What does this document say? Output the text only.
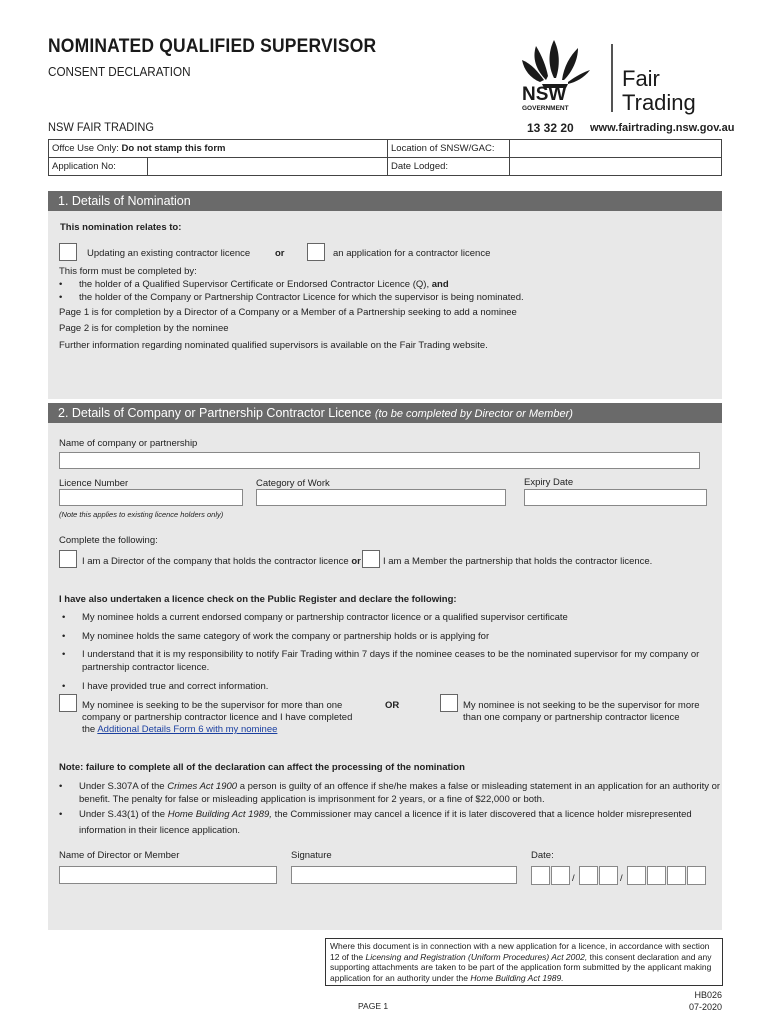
NOMINATED QUALIFIED SUPERVISOR
CONSENT DECLARATION
NSW FAIR TRADING
NSW
GOVERNMENT
Fair
Trading
13 32 20 www.fairtrading.nsw.gov.au
Offce Use Only: Do not stamp this form	Location of SNSW/GAC:	

Application No:	Date Lodged:	
1. Details of Nomination
This nomination relates to:
Updating an existing contractor licence	or	an application for a contractor licence
This form must be completed by:
• the holder of a Qualified Supervisor Certificate or Endorsed Contractor Licence (Q), and
• the holder of the Company or Partnership Contractor Licence for which the supervisor is being nominated.
Page 1 is for completion by a Director of a Company or a Member of a Partnership seeking to add a nominee
Page 2 is for completion by the nominee
Further information regarding nominated qualified supervisors is available on the Fair Trading website.
2. Details of Company or Partnership Contractor Licence (to be completed by Director or Member)
Name of company or partnership
Licence Number	Category of Work	Expiry Date
(Note this applies to existing licence holders only)
Complete the following:
I am a Director of the company that holds the contractor licence or I am a Member the partnership that holds the contractor licence.
I have also undertaken a licence check on the Public Register and declare the following:
• My nominee holds a current endorsed company or partnership contractor licence or a qualified supervisor certificate
• My nominee holds the same category of work the company or partnership holds or is applying for
• I understand that it is my responsibility to notify Fair Trading within 7 days if the nominee ceases to be the nominated supervisor for my company or
partnership contractor licence.
• I have provided true and correct information.
My nominee is seeking to be the supervisor for more than one
company or partnership contractor licence and I have completed
the Additional Details Form 6 with my nominee
OR	My nominee is not seeking to be the supervisor for more
than one company or partnership contractor licence
Note: failure to complete all of the declaration can affect the processing of the nomination
• Under S.307A of the Crimes Act 1900 a person is guilty of an offence if she/he makes a false or misleading statement in an application for an authority or
benefit. The penalty for false or misleading application is imprisonment for 2 years, or a fine of $22,000 or both.
• Under S.43(1) of the Home Building Act 1989, the Commissioner may cancel a licence if it is later discovered that a licence holder misrepresented
information in their licence application.
Name of Director or Member	Signature	Date:
/	/
Where this document is in connection with a new application for a licence, in accordance with section 12 of the Licensing and Registration (Uniform Procedures) Act 2002, this consent declaration and any supporting attachments are taken to be part of the application form submitted by the applicant making application for an authority under the Home Building Act 1989.
PAGE 1
HB026
07-2020
